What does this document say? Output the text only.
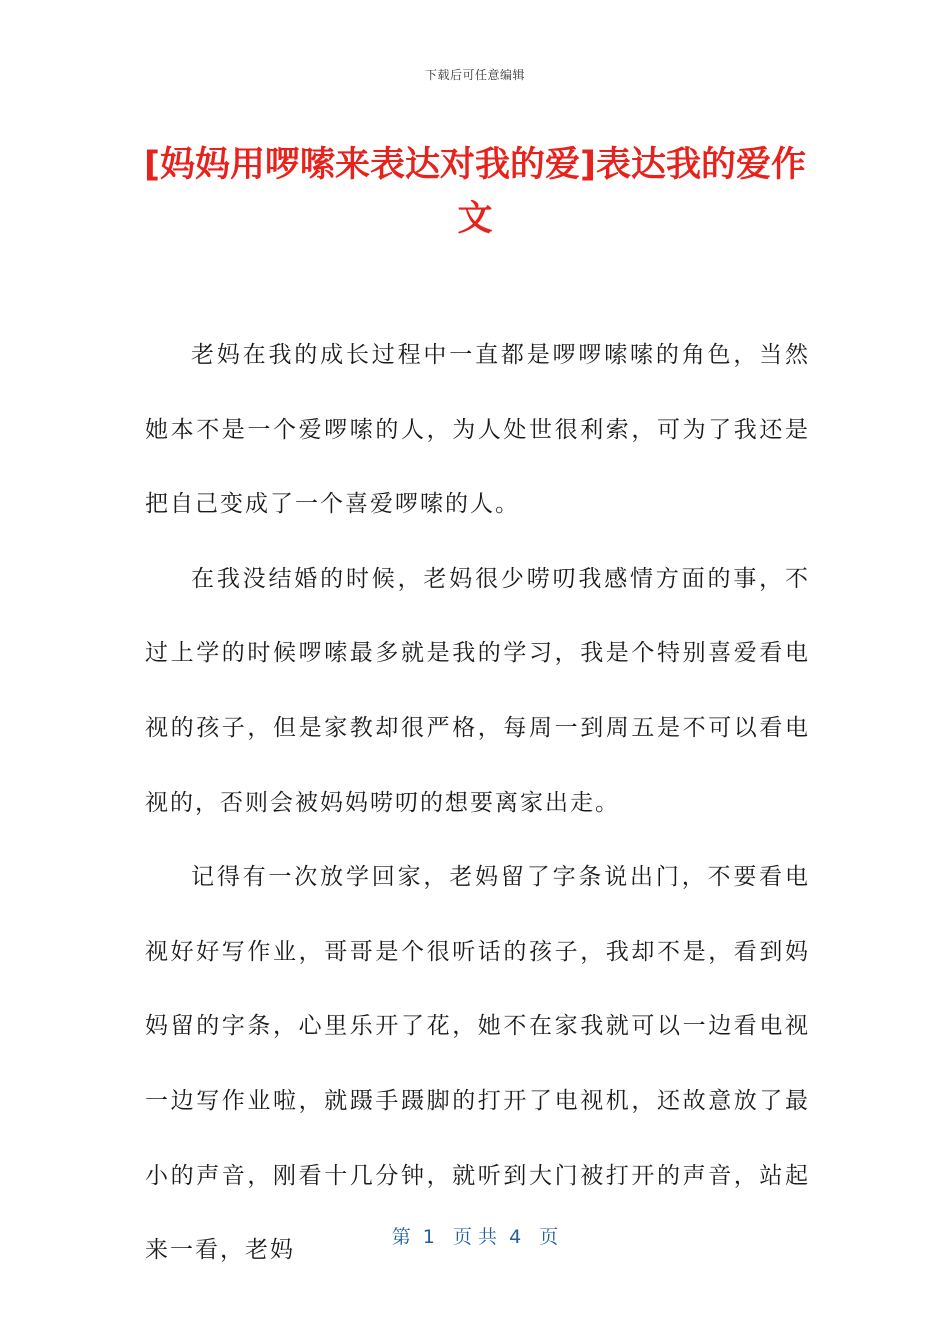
下载后可任意编辑
[妈妈用啰嗦来表达对我的爱]表达我的爱作文

老妈在我的成长过程中一直都是啰啰嗦嗦的角色，当然她本不是一个爱啰嗦的人，为人处世很利索，可为了我还是把自己变成了一个喜爱啰嗦的人。

在我没结婚的时候，老妈很少唠叨我感情方面的事，不过上学的时候啰嗦最多就是我的学习，我是个特别喜爱看电视的孩子，但是家教却很严格，每周一到周五是不可以看电视的，否则会被妈妈唠叨的想要离家出走。

记得有一次放学回家，老妈留了字条说出门，不要看电视好好写作业，哥哥是个很听话的孩子，我却不是，看到妈妈留的字条，心里乐开了花，她不在家我就可以一边看电视一边写作业啦，就蹑手蹑脚的打开了电视机，还故意放了最小的声音，刚看十几分钟，就听到大门被打开的声音，站起来一看，老妈

第  1   页 共  4   页
